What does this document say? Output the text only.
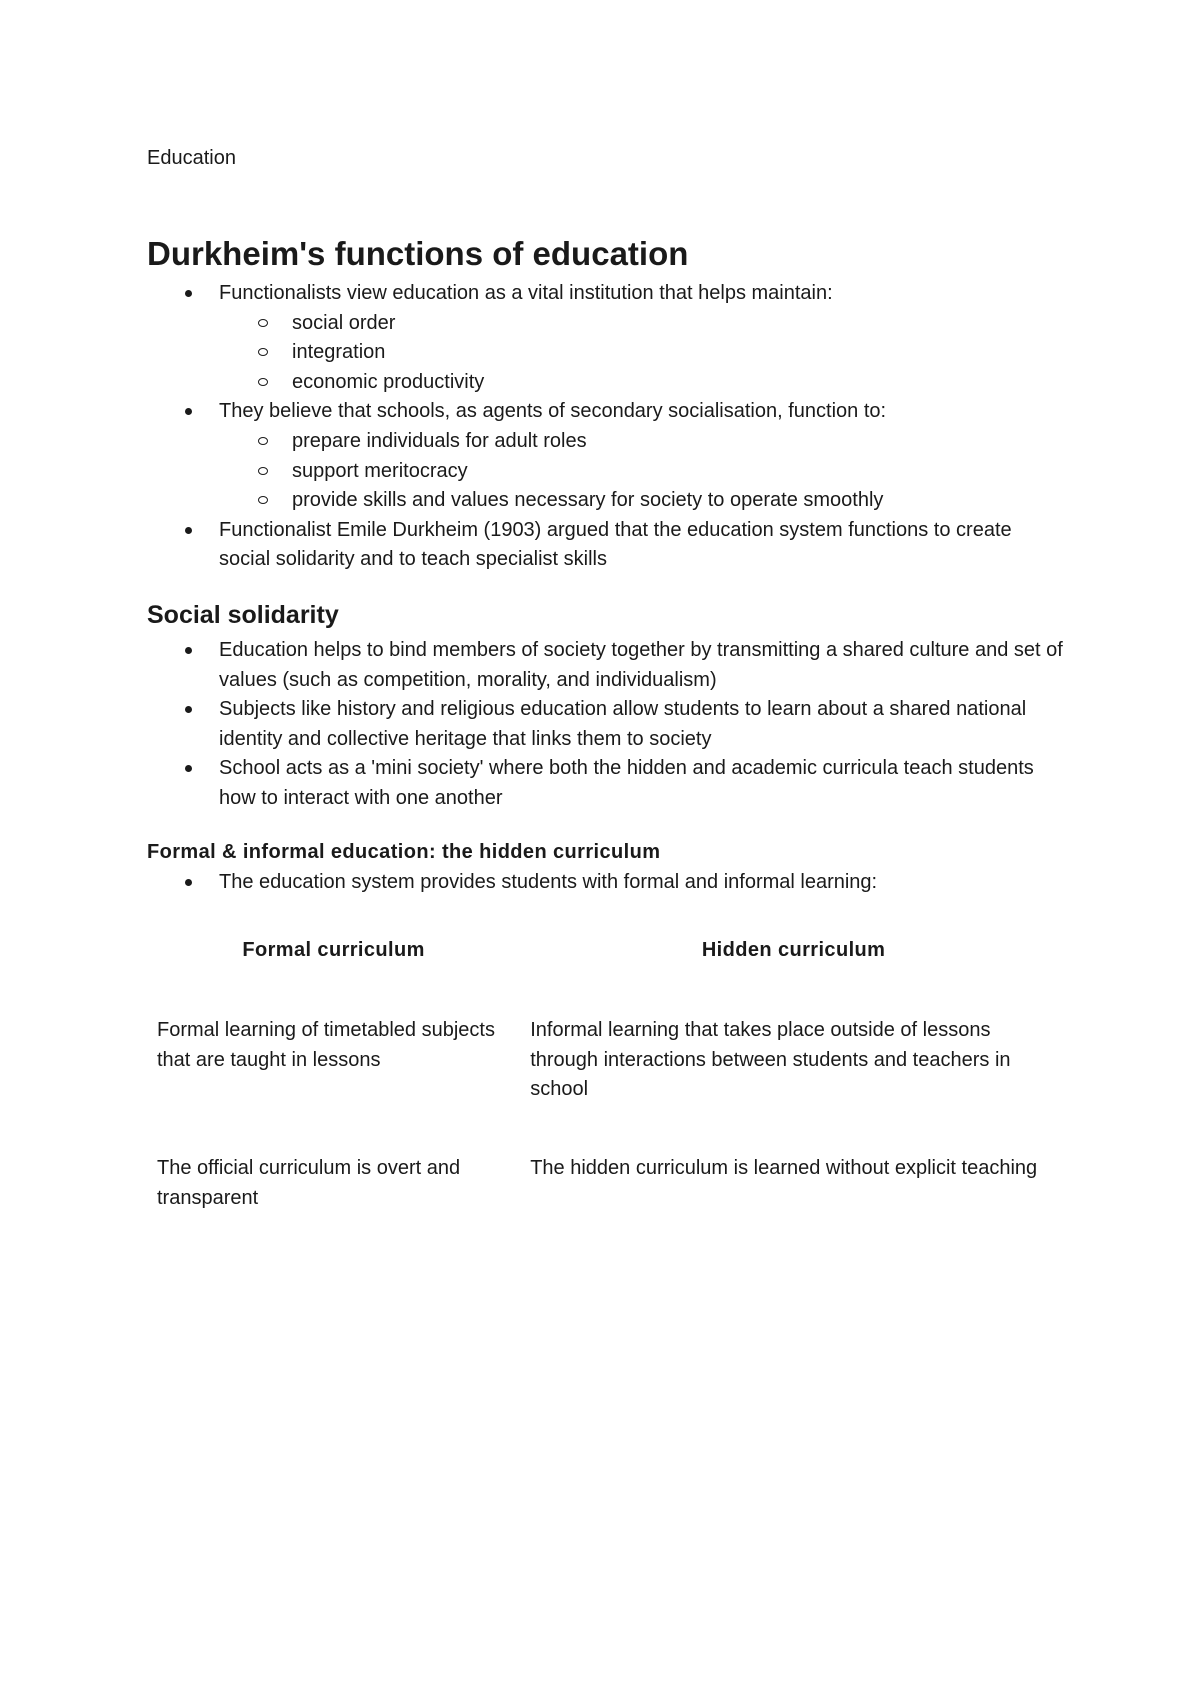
Education
Durkheim's functions of education
Functionalists view education as a vital institution that helps maintain:
social order
integration
economic productivity
They believe that schools, as agents of secondary socialisation, function to:
prepare individuals for adult roles
support meritocracy
provide skills and values necessary for society to operate smoothly
Functionalist Emile Durkheim (1903) argued that the education system functions to create social solidarity and to teach specialist skills
Social solidarity
Education helps to bind members of society together by transmitting a shared culture and set of values (such as competition, morality, and individualism)
Subjects like history and religious education allow students to learn about a shared national identity and collective heritage that links them to society
School acts as a 'mini society' where both the hidden and academic curricula teach students how to interact with one another
Formal & informal education: the hidden curriculum
The education system provides students with formal and informal learning:
Formal curriculum	Hidden curriculum
Formal learning of timetabled subjects that are taught in lessons	Informal learning that takes place outside of lessons through interactions between students and teachers in school
The official curriculum is overt and transparent	The hidden curriculum is learned without explicit teaching
